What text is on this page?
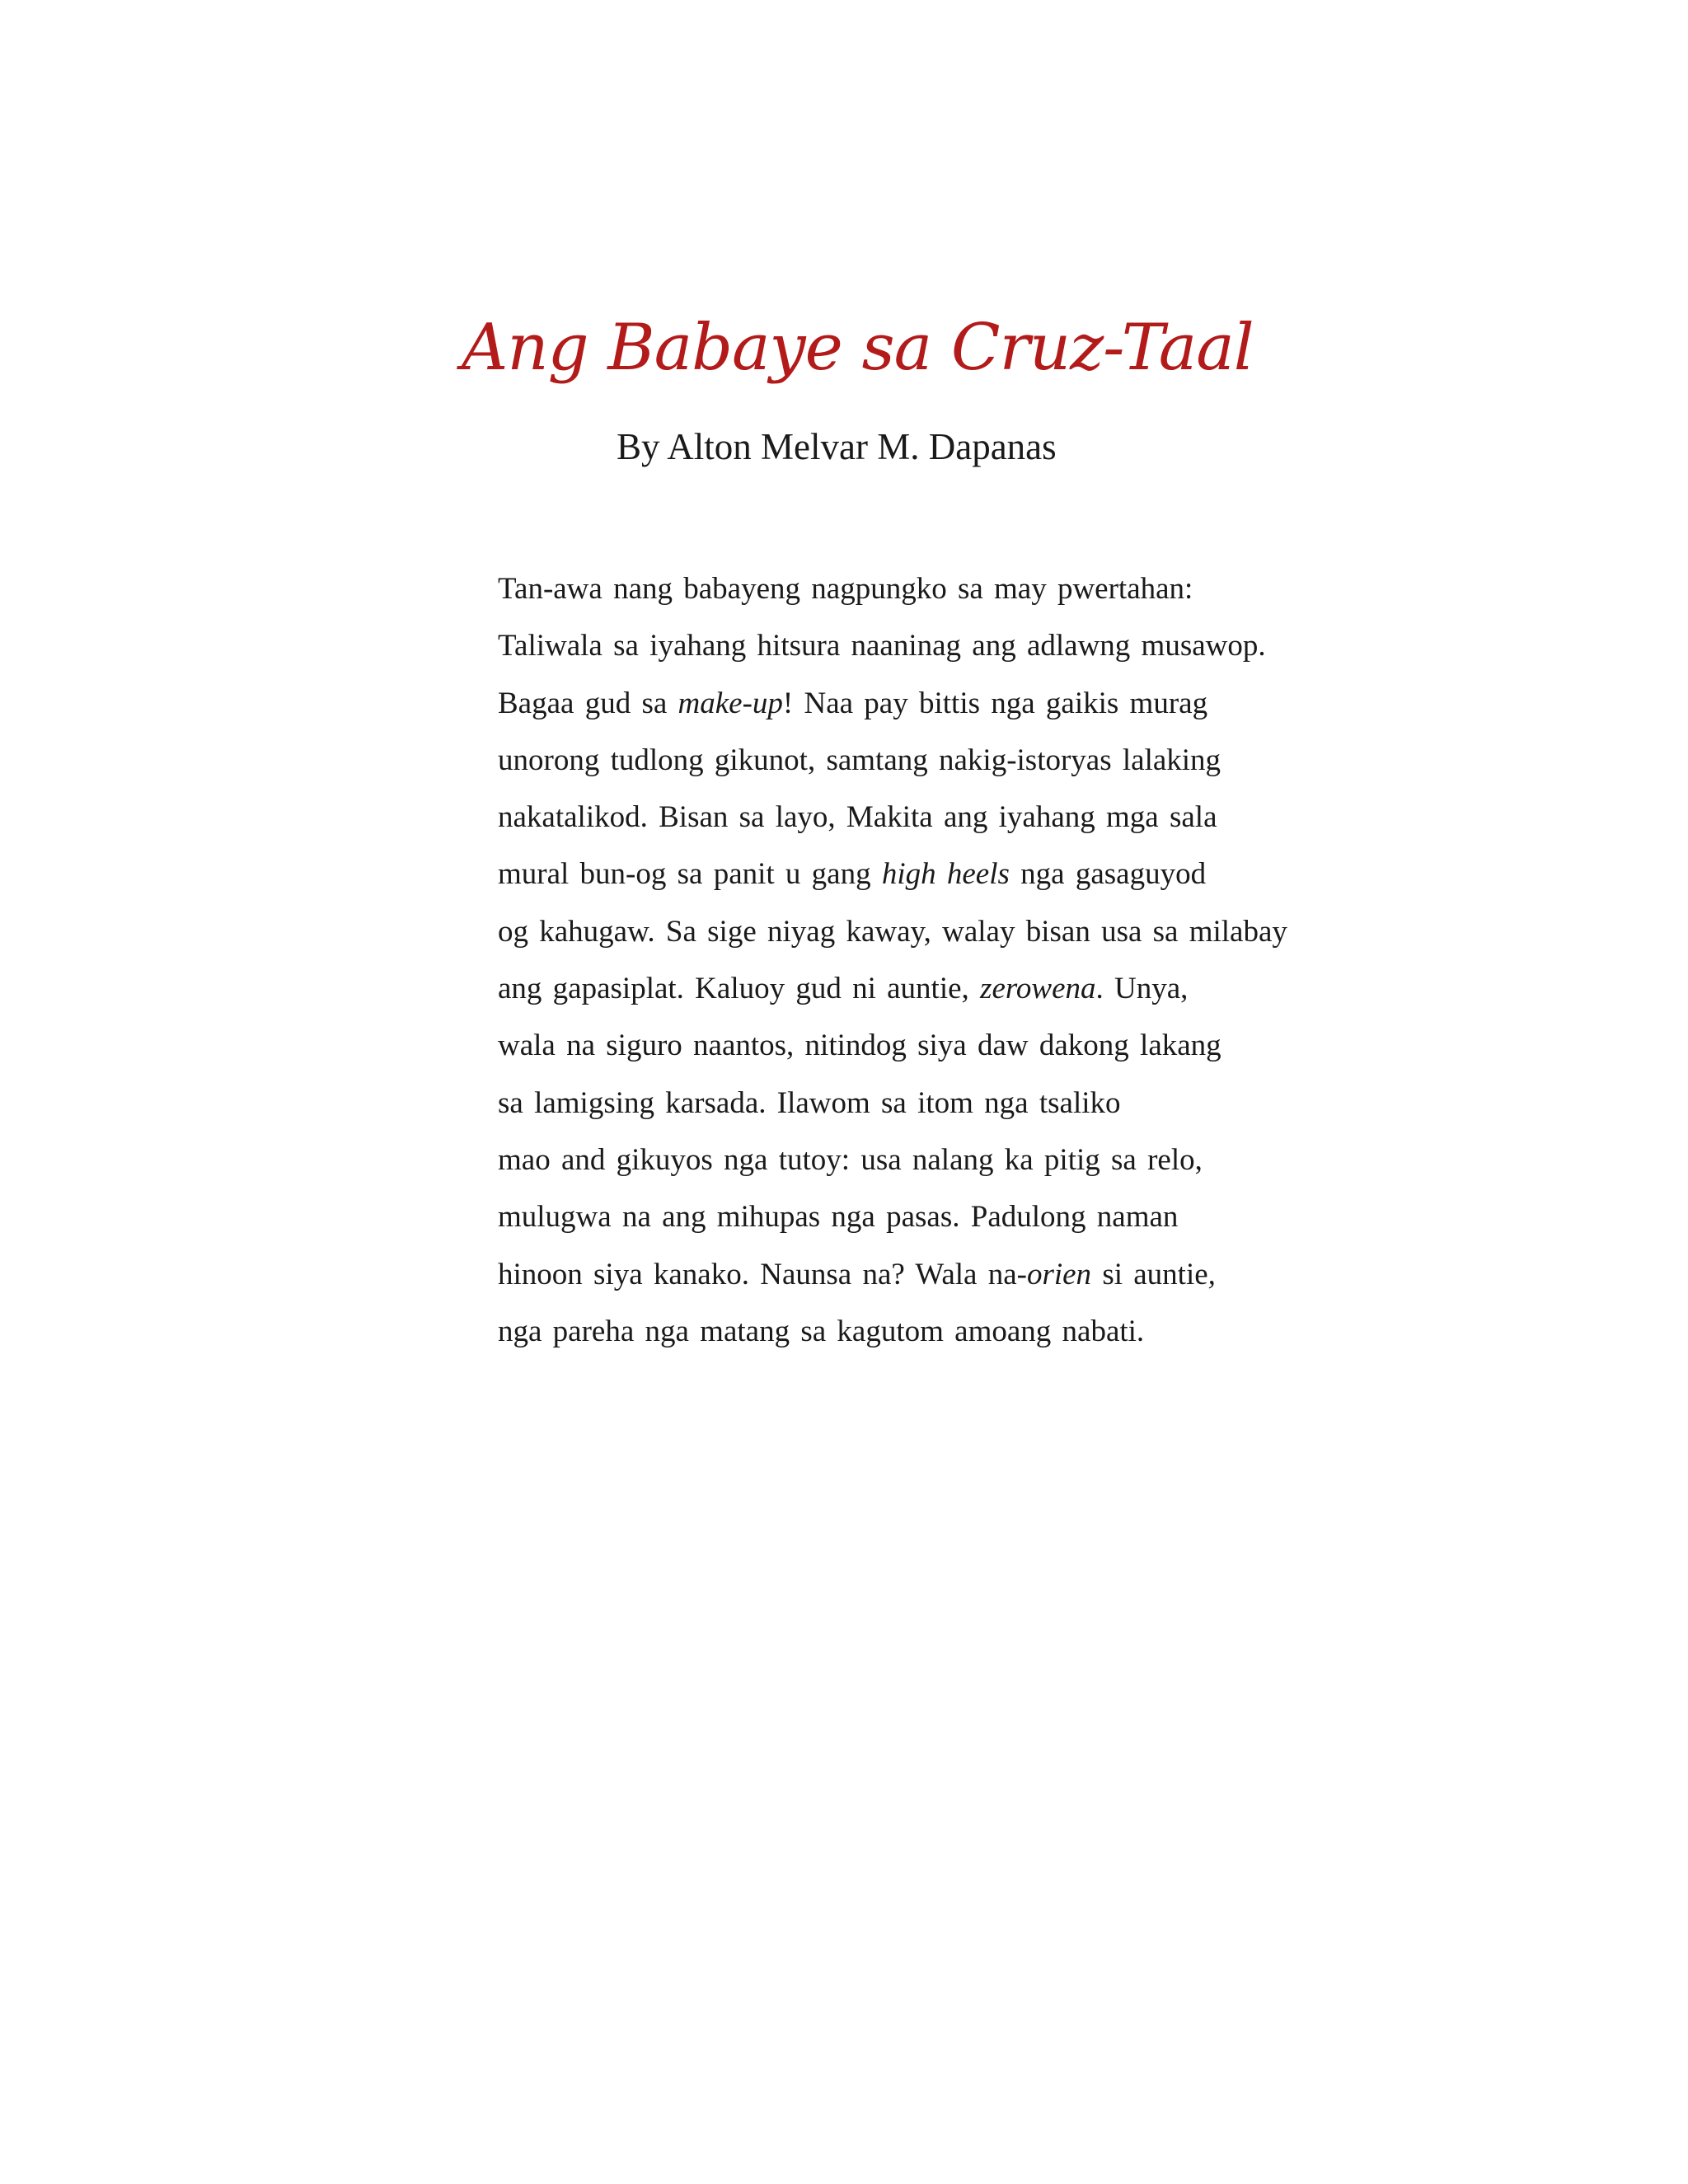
Ang Babaye sa Cruz-Taal

By Alton Melvar M. Dapanas

Tan-awa nang babayeng nagpungko sa may pwertahan:
Taliwala sa iyahang hitsura naaninag ang adlawng musawop.
Bagaa gud sa make-up! Naa pay bittis nga gaikis murag
unorong tudlong gikunot, samtang nakig-istoryas lalaking
nakatalikod. Bisan sa layo, Makita ang iyahang mga sala
mural bun-og sa panit u gang high heels nga gasaguyod
og kahugaw. Sa sige niyag kaway, walay bisan usa sa milabay
ang gapasiplat. Kaluoy gud ni auntie, zerowena. Unya,
wala na siguro naantos, nitindog siya daw dakong lakang
sa lamigsing karsada. Ilawom sa itom nga tsaliko
mao and gikuyos nga tutoy: usa nalang ka pitig sa relo,
mulugwa na ang mihupas nga pasas. Padulong naman
hinoon siya kanako. Naunsa na? Wala na-orien si auntie,
nga pareha nga matang sa kagutom amoang nabati.
